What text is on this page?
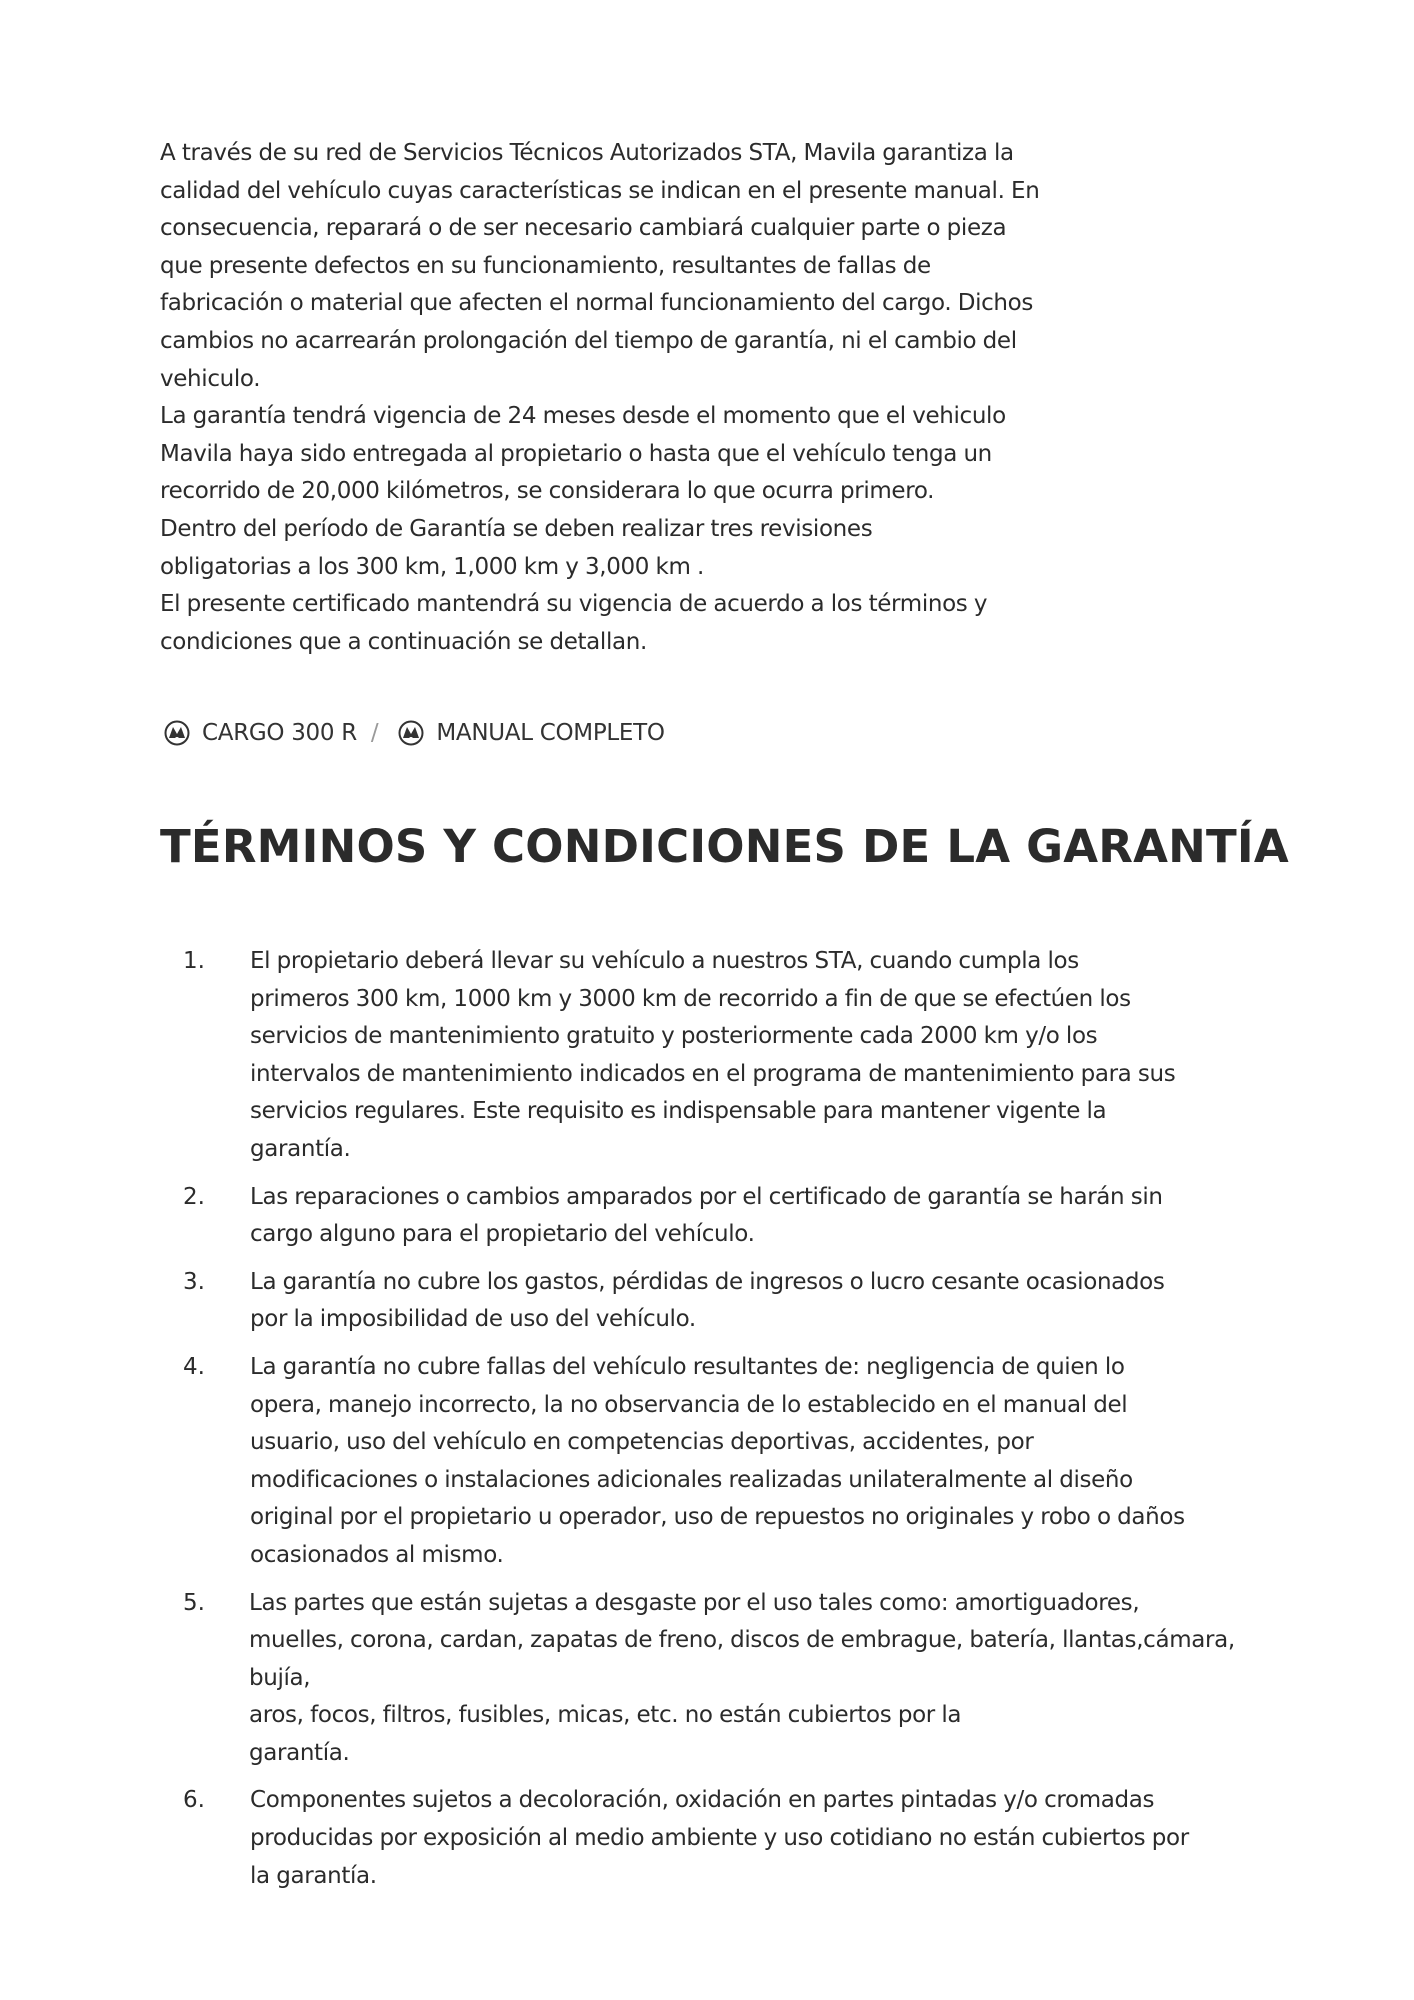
A través de su red de Servicios Técnicos Autorizados STA, Mavila garantiza la

calidad del vehículo cuyas características se indican en el presente manual. En

consecuencia, reparará o de ser necesario cambiará cualquier parte o pieza

que presente defectos en su funcionamiento, resultantes de fallas de

fabricación o material que afecten el normal funcionamiento del cargo. Dichos

cambios no acarrearán prolongación del tiempo de garantía, ni el cambio del

vehiculo.

La garantía tendrá vigencia de 24 meses desde el momento que el vehiculo

Mavila haya sido entregada al propietario o hasta que el vehículo tenga un

recorrido de 20,000 kilómetros, se considerara lo que ocurra primero.

Dentro del período de Garantía se deben realizar tres revisiones

obligatorias a los 300 km, 1,000 km y 3,000 km .

El presente certificado mantendrá su vigencia de acuerdo a los términos y

condiciones que a continuación se detallan.

CARGO 300 R /	MANUAL COMPLETO
TÉRMINOS Y CONDICIONES DE LA GARANTÍA
1. El propietario deberá llevar su vehículo a nuestros STA, cuando cumpla los
primeros 300 km, 1000 km y 3000 km de recorrido a fin de que se efectúen los
servicios de mantenimiento gratuito y posteriormente cada 2000 km y/o los
intervalos de mantenimiento indicados en el programa de mantenimiento para sus
servicios regulares. Este requisito es indispensable para mantener vigente la
garantía.
2. Las reparaciones o cambios amparados por el certificado de garantía se harán sin
cargo alguno para el propietario del vehículo.
3. La garantía no cubre los gastos, pérdidas de ingresos o lucro cesante ocasionados
por la imposibilidad de uso del vehículo.
4. La garantía no cubre fallas del vehículo resultantes de: negligencia de quien lo
opera, manejo incorrecto, la no observancia de lo establecido en el manual del
usuario, uso del vehículo en competencias deportivas, accidentes, por
modificaciones o instalaciones adicionales realizadas unilateralmente al diseño
original por el propietario u operador, uso de repuestos no originales y robo o daños
ocasionados al mismo.
5. Las partes que están sujetas a desgaste por el uso tales como: amortiguadores,
muelles, corona, cardan, zapatas de freno, discos de embrague, batería, llantas,cámara, bujía,
aros, focos, filtros, fusibles, micas, etc. no están cubiertos por la
garantía.
6. Componentes sujetos a decoloración, oxidación en partes pintadas y/o cromadas
producidas por exposición al medio ambiente y uso cotidiano no están cubiertos por
la garantía.
